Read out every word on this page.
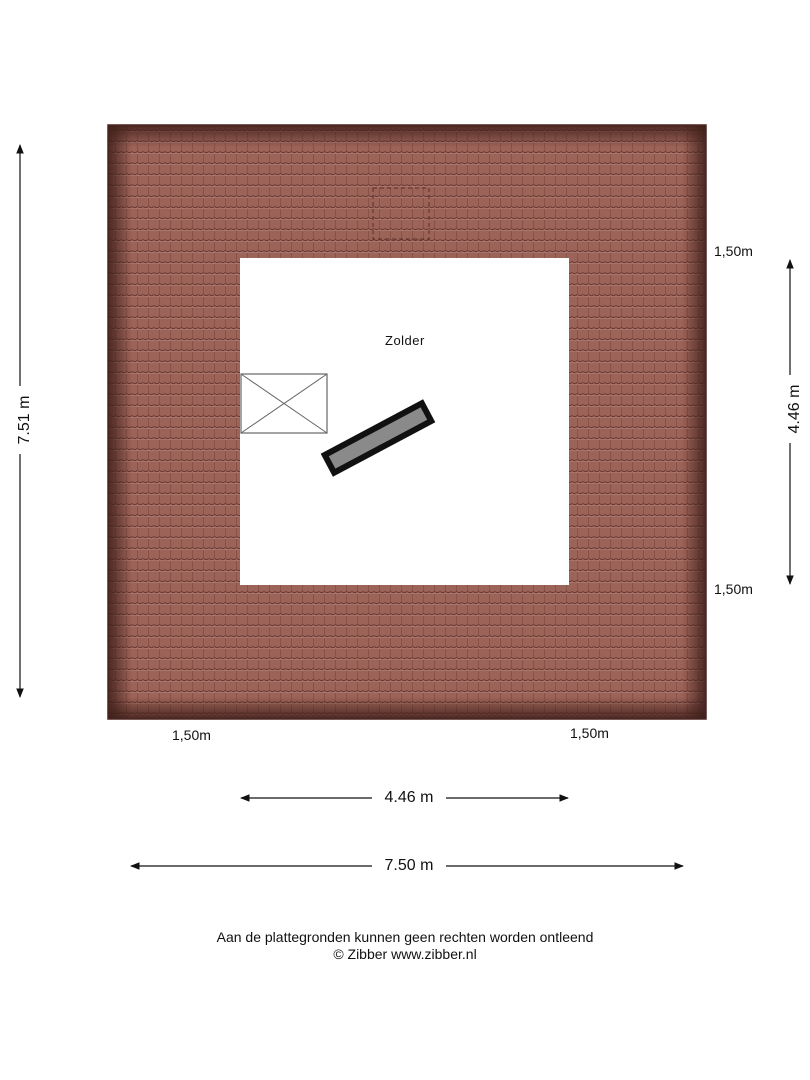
Zolder
1,50m
1,50m
1,50m	1,50m
7.51 m	4.46 m
4.46 m
7.50 m
Aan de plattegronden kunnen geen rechten worden ontleend
© Zibber www.zibber.nl
